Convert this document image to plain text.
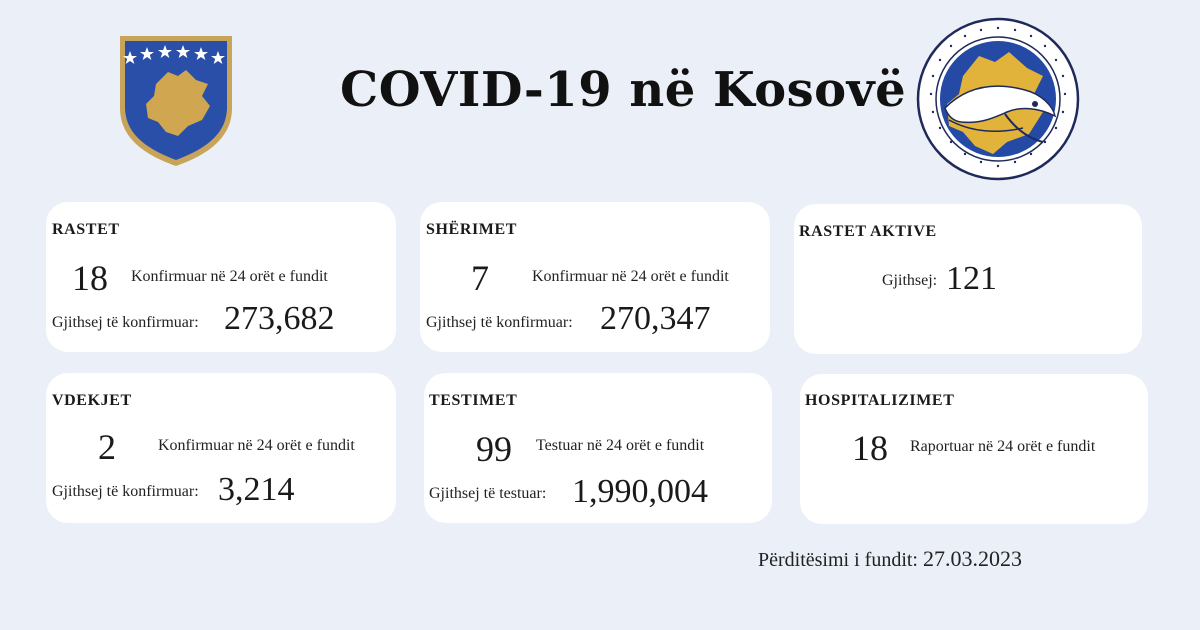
COVID-19 në Kosovë
RASTET
18 Konfirmuar në 24 orët e fundit
Gjithsej të konfirmuar: 273,682
SHËRIMET
7	Konfirmuar në 24 orët e fundit
Gjithsej të konfirmuar: 270,347
RASTET AKTIVE
Gjithsej: 121
VDEKJET
2	Konfirmuar në 24 orët e fundit
Gjithsej të konfirmuar: 3,214
TESTIMET
99 Testuar në 24 orët e fundit
Gjithsej të testuar: 1,990,004
HOSPITALIZIMET
18 Raportuar në 24 orët e fundit
Përditësimi i fundit: 27.03.2023
